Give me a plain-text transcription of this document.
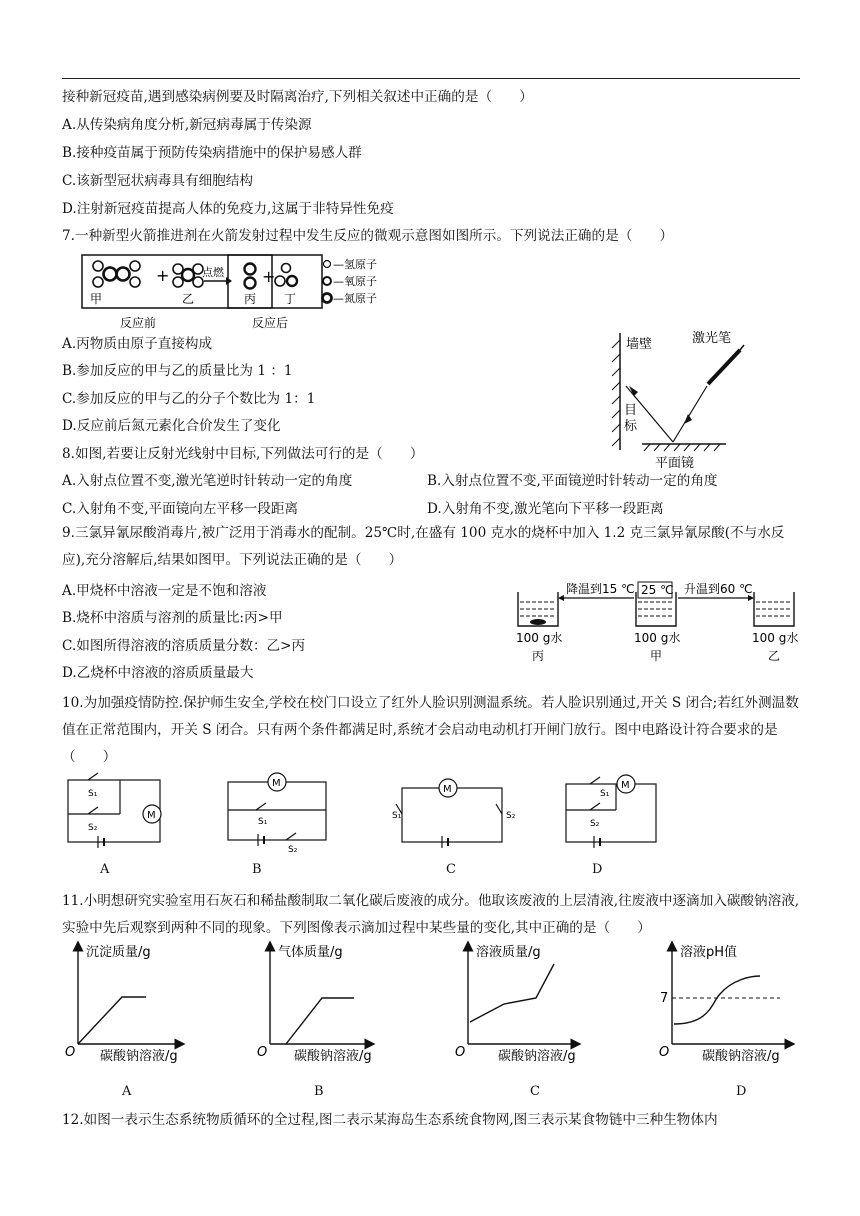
接种新冠疫苗,遇到感染病例要及时隔离治疗,下列相关叙述中正确的是（　　）
A.从传染病角度分析,新冠病毒属于传染源
B.接种疫苗属于预防传染病措施中的保护易感人群
C.该新型冠状病毒具有细胞结构
D.注射新冠疫苗提高人体的免疫力,这属于非特异性免疫
7.一种新型火箭推进剂在火箭发射过程中发生反应的微观示意图如图所示。下列说法正确的是（　　）
+
甲	乙
点燃 +
丙 丁
反应前	反应后
—氢原子
—氧原子
—氮原子
A.丙物质由原子直接构成
B.参加反应的甲与乙的质量比为 1 ：1
C.参加反应的甲与乙的分子个数比为 1：1
D.反应前后氮元素化合价发生了变化
墙壁	激光笔
目
标
平面镜
8.如图,若要让反射光线射中目标,下列做法可行的是（　　）
A.入射点位置不变,激光笔逆时针转动一定的角度	B.入射点位置不变,平面镜逆时针转动一定的角度
C.入射角不变,平面镜向左平移一段距离	D.入射角不变,激光笔向下平移一段距离
9.三氯异氰尿酸消毒片,被广泛用于消毒水的配制。25℃时,在盛有 100 克水的烧杯中加入 1.2 克三氯异氰尿酸(不与水反应),充分溶解后,结果如图甲。下列说法正确的是（　　）
A.甲烧杯中溶液一定是不饱和溶液
B.烧杯中溶质与溶剂的质量比:丙>甲
C.如图所得溶液的溶质质量分数：乙>丙
D.乙烧杯中溶液的溶质质量最大
降温到15 ℃ 25 ℃ 升温到60 ℃
100 g水	100 g水	100 g水
丙	甲	乙
10.为加强疫情防控.保护师生安全,学校在校门口设立了红外人脸识别测温系统。若人脸识别通过,开关 S 闭合;若红外测温数值在正常范围内，开关 S 闭合。只有两个条件都满足时,系统才会启动电动机打开闸门放行。图中电路设计符合要求的是（　　）
M
M
M	M
S₁
S₂
S₁
S₂
S₁	S₂
S₁
S₂
A	B	C	D
11.小明想研究实验室用石灰石和稀盐酸制取二氧化碳后废液的成分。他取该废液的上层清液,往废液中逐滴加入碳酸钠溶液,实验中先后观察到两种不同的现象。下列图像表示滴加过程中某些量的变化,其中正确的是（　　）
沉淀质量/g	气体质量/g	溶液质量/g	溶液pH值
碳酸钠溶液/g	碳酸钠溶液/g	碳酸钠溶液/g	碳酸钠溶液/g
O	O	O	O
7
A	B	C	D
12.如图一表示生态系统物质循环的全过程,图二表示某海岛生态系统食物网,图三表示某食物链中三种生物体内
